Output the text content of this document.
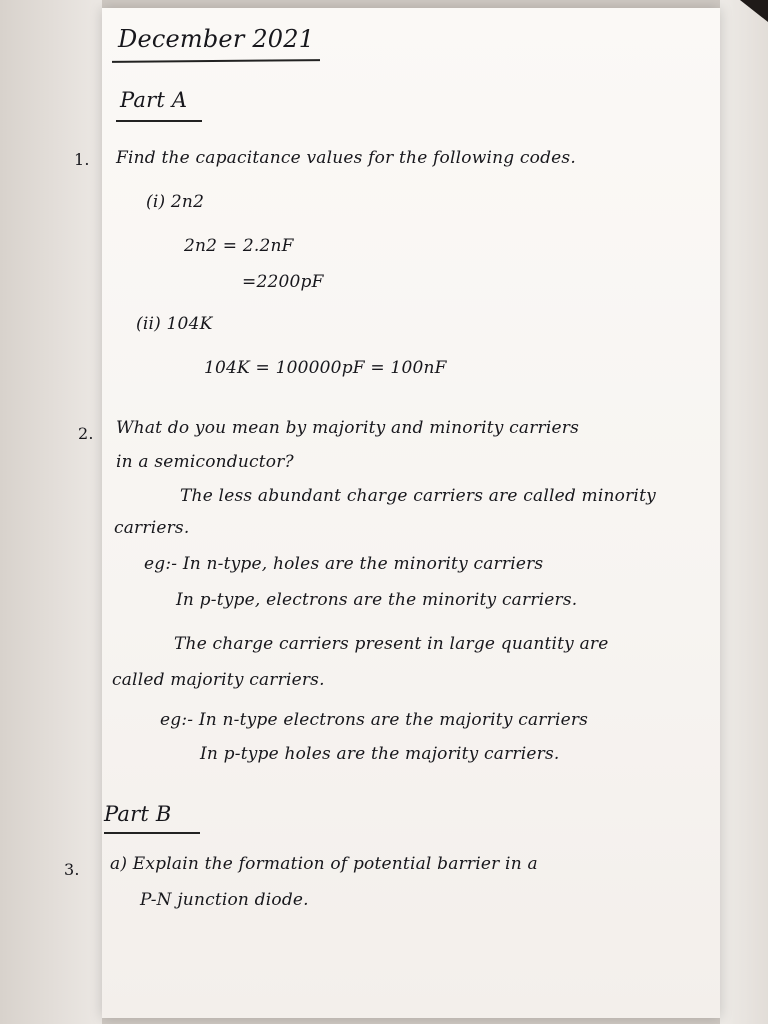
December 2021
Part A
1. Find the capacitance values for the following codes.
(i) 2n2
2n2 = 2.2nF
=2200pF
(ii) 104K
104K = 100000pF = 100nF
2. What do you mean by majority and minority carriers
in a semiconductor?
The less abundant charge carriers are called minority
carriers.
eg:- In n-type, holes are the minority carriers
In p-type, electrons are the minority carriers.
The charge carriers present in large quantity are
called majority carriers.
eg:- In n-type electrons are the majority carriers
In p-type holes are the majority carriers.
Part B
3. a) Explain the formation of potential barrier in a
P-N junction diode.
